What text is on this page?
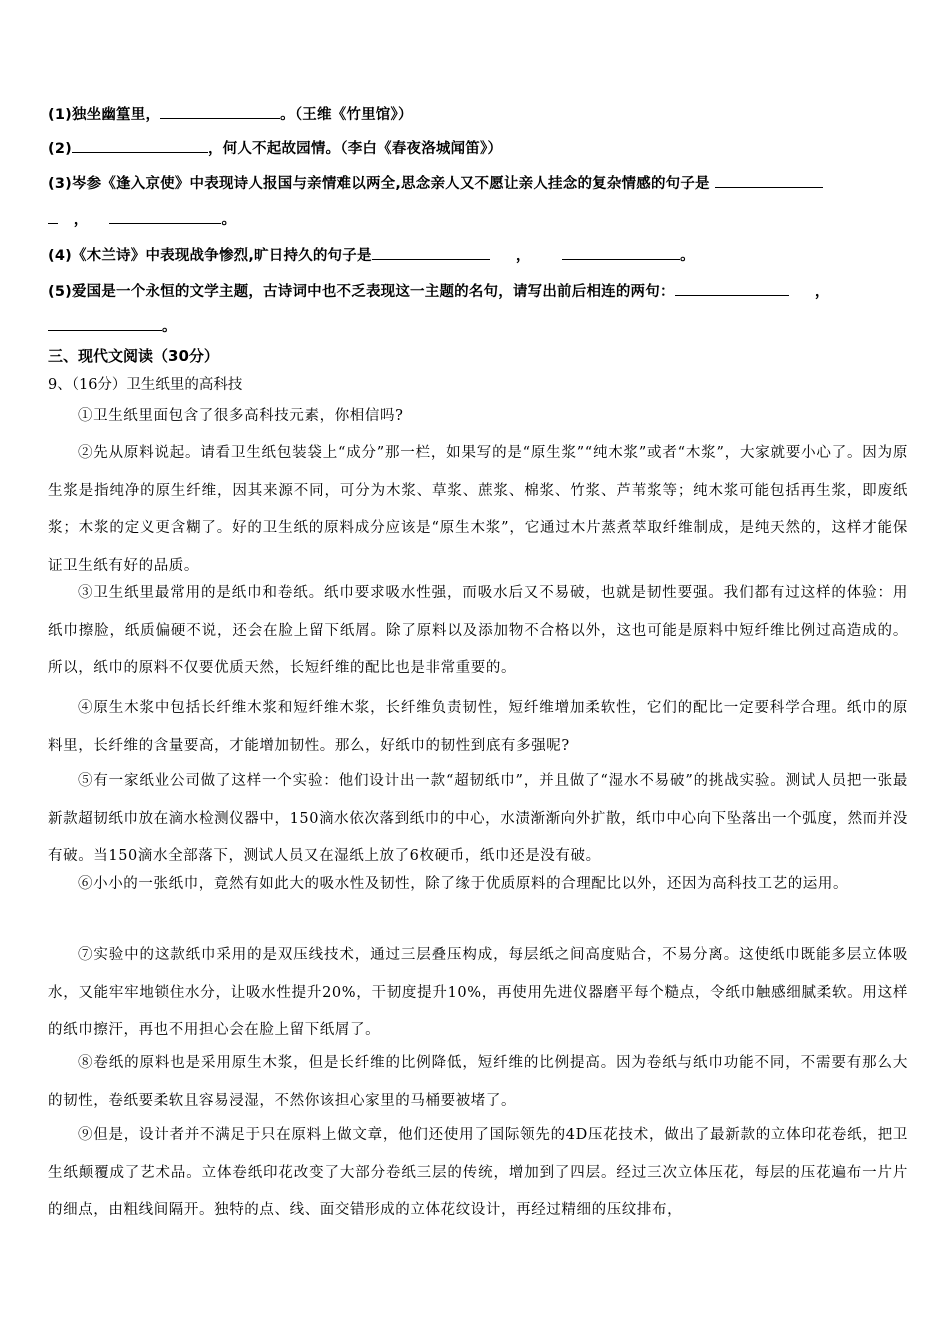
(1)独坐幽篁里，	。（王维《竹里馆》）
(2)	，何人不起故园情。（李白《春夜洛城闻笛》）
(3)岑参《逢入京使》中表现诗人报国与亲情难以两全,思念亲人又不愿让亲人挂念的复杂情感的句子是
，	。
(4)《木兰诗》中表现战争惨烈,旷日持久的句子是	，	。
(5)爱国是一个永恒的文学主题，古诗词中也不乏表现这一主题的名句，请写出前后相连的两句：	，
。
三、现代文阅读（30分）
9、（16分）卫生纸里的高科技
①卫生纸里面包含了很多高科技元素，你相信吗?
②先从原料说起。请看卫生纸包装袋上“成分”那一栏，如果写的是“原生浆”“纯木浆”或者“木浆”，大家就要小心了。因为原生浆是指纯净的原生纤维，因其来源不同，可分为木浆、草浆、蔗浆、棉浆、竹浆、芦苇浆等；纯木浆可能包括再生浆，即废纸浆；木浆的定义更含糊了。好的卫生纸的原料成分应该是“原生木浆”，它通过木片蒸煮萃取纤维制成，是纯天然的，这样才能保证卫生纸有好的品质。
③卫生纸里最常用的是纸巾和卷纸。纸巾要求吸水性强，而吸水后又不易破，也就是韧性要强。我们都有过这样的体验：用纸巾擦脸，纸质偏硬不说，还会在脸上留下纸屑。除了原料以及添加物不合格以外，这也可能是原料中短纤维比例过高造成的。所以，纸巾的原料不仅要优质天然，长短纤维的配比也是非常重要的。
④原生木浆中包括长纤维木浆和短纤维木浆，长纤维负责韧性，短纤维增加柔软性，它们的配比一定要科学合理。纸巾的原料里，长纤维的含量要高，才能增加韧性。那么，好纸巾的韧性到底有多强呢?
⑤有一家纸业公司做了这样一个实验：他们设计出一款“超韧纸巾”，并且做了“湿水不易破”的挑战实验。测试人员把一张最新款超韧纸巾放在滴水检测仪器中，150滴水依次落到纸巾的中心，水渍渐渐向外扩散，纸巾中心向下坠落出一个弧度，然而并没有破。当150滴水全部落下，测试人员又在湿纸上放了6枚硬币，纸巾还是没有破。
⑥小小的一张纸巾，竟然有如此大的吸水性及韧性，除了缘于优质原料的合理配比以外，还因为高科技工艺的运用。
⑦实验中的这款纸巾采用的是双压线技术，通过三层叠压构成，每层纸之间高度贴合，不易分离。这使纸巾既能多层立体吸水，又能牢牢地锁住水分，让吸水性提升20%，干韧度提升10%，再使用先进仪器磨平每个糙点，令纸巾触感细腻柔软。用这样的纸巾擦汗，再也不用担心会在脸上留下纸屑了。
⑧卷纸的原料也是采用原生木浆，但是长纤维的比例降低，短纤维的比例提高。因为卷纸与纸巾功能不同，不需要有那么大的韧性，卷纸要柔软且容易浸湿，不然你该担心家里的马桶要被堵了。
⑨但是，设计者并不满足于只在原料上做文章，他们还使用了国际领先的4D压花技术，做出了最新款的立体印花卷纸，把卫生纸颠覆成了艺术品。立体卷纸印花改变了大部分卷纸三层的传统，增加到了四层。经过三次立体压花，每层的压花遍布一片片的细点，由粗线间隔开。独特的点、线、面交错形成的立体花纹设计，再经过精细的压纹排布，
